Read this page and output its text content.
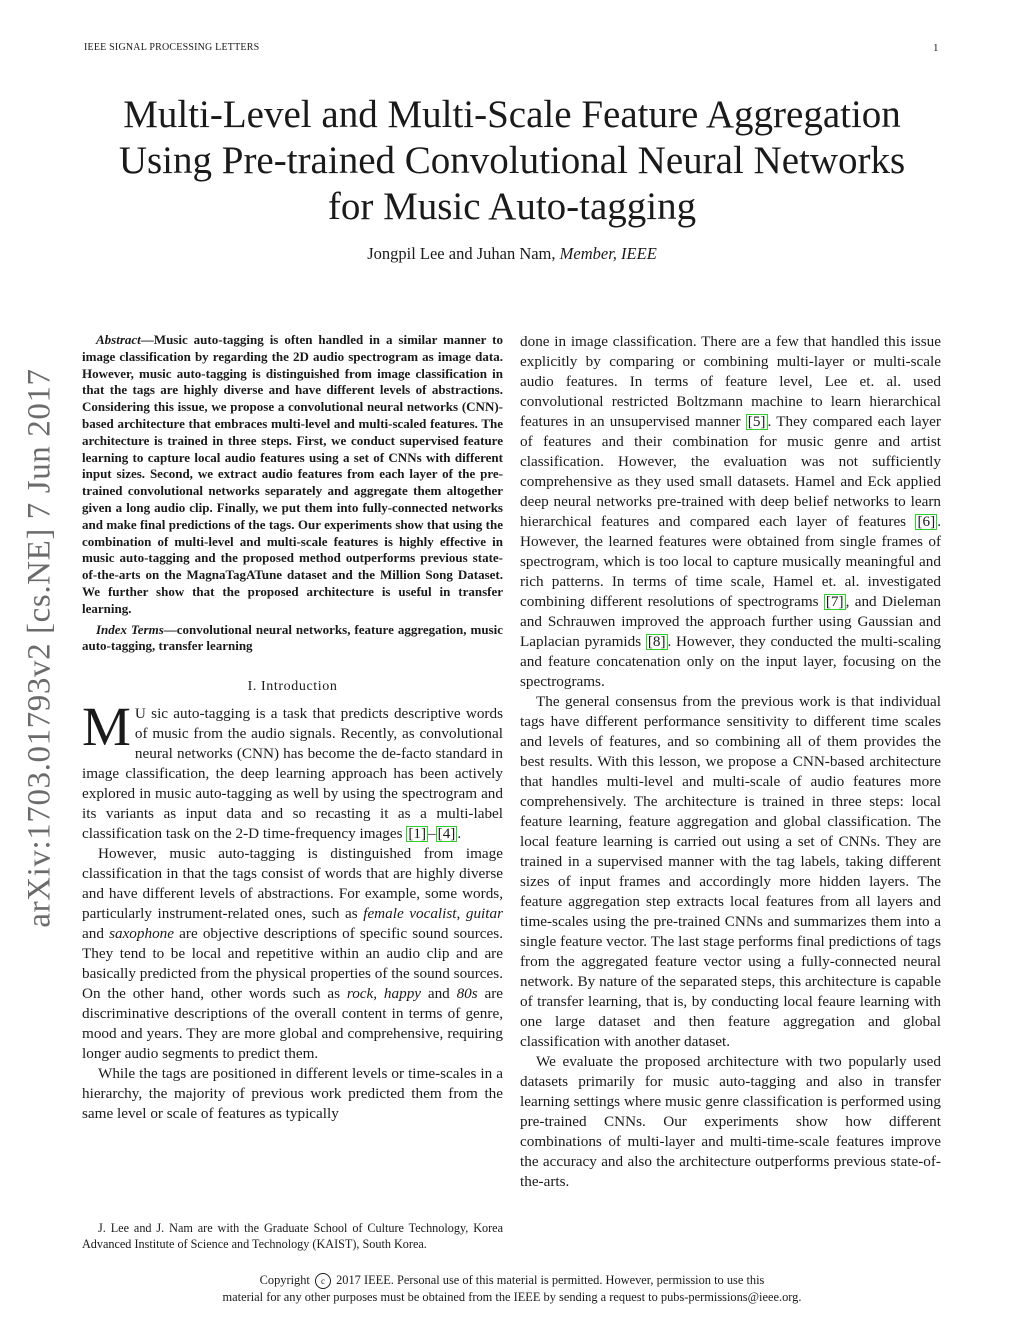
IEEE SIGNAL PROCESSING LETTERS	1
arXiv:1703.01793v2 [cs.NE] 7 Jun 2017
Multi-Level and Multi-Scale Feature Aggregation
Using Pre-trained Convolutional Neural Networks
for Music Auto-tagging
Jongpil Lee and Juhan Nam, Member, IEEE

Abstract—Music auto-tagging is often handled in a similar manner to image classification by regarding the 2D audio spectrogram as image data. However, music auto-tagging is distinguished from image classification in that the tags are highly diverse and have different levels of abstractions. Considering this issue, we propose a convolutional neural networks (CNN)-based architecture that embraces multi-level and multi-scaled features. The architecture is trained in three steps. First, we conduct supervised feature learning to capture local audio features using a set of CNNs with different input sizes. Second, we extract audio features from each layer of the pre-trained convolutional networks separately and aggregate them altogether given a long audio clip. Finally, we put them into fully-connected networks and make final predictions of the tags. Our experiments show that using the combination of multi-level and multi-scale features is highly effective in music auto-tagging and the proposed method outperforms previous state-of-the-arts on the MagnaTagATune dataset and the Million Song Dataset. We further show that the proposed architecture is useful in transfer learning.

Index Terms—convolutional neural networks, feature aggregation, music auto-tagging, transfer learning

I. Introduction

M U sic auto-tagging is a task that predicts descriptive words of music from the audio signals. Recently, as convolutional neural networks (CNN) has become the de-facto standard in image classification, the deep learning approach has been actively explored in music auto-tagging as well by using the spectrogram and its variants as input data and so recasting it as a multi-label classification task on the 2-D time-frequency images [1] – [4] .

However, music auto-tagging is distinguished from image classification in that the tags consist of words that are highly diverse and have different levels of abstractions. For example, some words, particularly instrument-related ones, such as female vocalist, guitar and saxophone are objective descriptions of specific sound sources. They tend to be local and repetitive within an audio clip and are basically predicted from the physical properties of the sound sources. On the other hand, other words such as rock, happy and 80s are discriminative descriptions of the overall content in terms of genre, mood and years. They are more global and comprehensive, requiring longer audio segments to predict them.

While the tags are positioned in different levels or time-scales in a hierarchy, the majority of previous work predicted them from the same level or scale of features as typically

done in image classification. There are a few that handled this issue explicitly by comparing or combining multi-layer or multi-scale audio features. In terms of feature level, Lee et. al. used convolutional restricted Boltzmann machine to learn hierarchical features in an unsupervised manner [5] . They compared each layer of features and their combination for music genre and artist classification. However, the evaluation was not sufficiently comprehensive as they used small datasets. Hamel and Eck applied deep neural networks pre-trained with deep belief networks to learn hierarchical features and compared each layer of features [6] . However, the learned features were obtained from single frames of spectrogram, which is too local to capture musically meaningful and rich patterns. In terms of time scale, Hamel et. al. investigated combining different resolutions of spectrograms [7] , and Dieleman and Schrauwen improved the approach further using Gaussian and Laplacian pyramids [8] . However, they conducted the multi-scaling and feature concatenation only on the input layer, focusing on the spectrograms.

The general consensus from the previous work is that individual tags have different performance sensitivity to different time scales and levels of features, and so combining all of them provides the best results. With this lesson, we propose a CNN-based architecture that handles multi-level and multi-scale of audio features more comprehensively. The architecture is trained in three steps: local feature learning, feature aggregation and global classification. The local feature learning is carried out using a set of CNNs. They are trained in a supervised manner with the tag labels, taking different sizes of input frames and accordingly more hidden layers. The feature aggregation step extracts local features from all layers and time-scales using the pre-trained CNNs and summarizes them into a single feature vector. The last stage performs final predictions of tags from the aggregated feature vector using a fully-connected neural network. By nature of the separated steps, this architecture is capable of transfer learning, that is, by conducting local feaure learning with one large dataset and then feature aggregation and global classification with another dataset.

We evaluate the proposed architecture with two popularly used datasets primarily for music auto-tagging and also in transfer learning settings where music genre classification is performed using pre-trained CNNs. Our experiments show how different combinations of multi-layer and multi-time-scale features improve the accuracy and also the architecture outperforms previous state-of-the-arts.

J. Lee and J. Nam are with the Graduate School of Culture Technology, Korea Advanced Institute of Science and Technology (KAIST), South Korea.
Copyright c 2017 IEEE. Personal use of this material is permitted. However, permission to use this
material for any other purposes must be obtained from the IEEE by sending a request to pubs-permissions@ieee.org.
